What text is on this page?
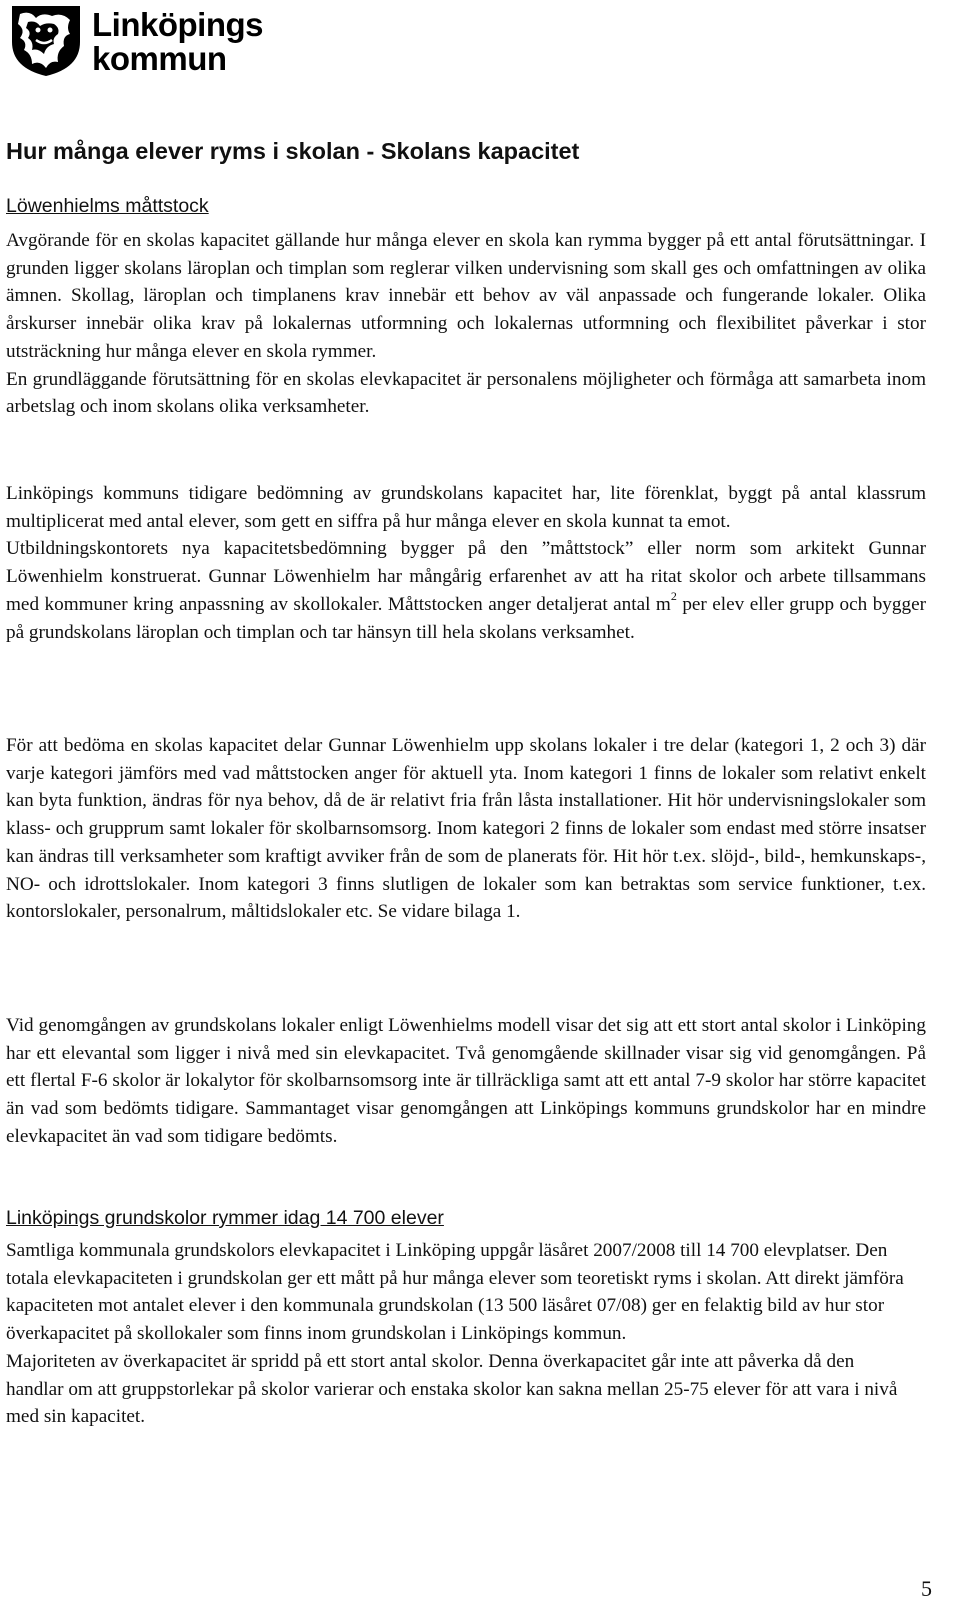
Linköpings
kommun
Hur många elever ryms i skolan - Skolans kapacitet

Löwenhielms måttstock

Avgörande för en skolas kapacitet gällande hur många elever en skola kan rymma bygger på ett antal förutsättningar. I grunden ligger skolans läroplan och timplan som reglerar vilken undervisning som skall ges och omfattningen av olika ämnen. Skollag, läroplan och timplanens krav innebär ett behov av väl anpassade och fungerande lokaler. Olika årskurser innebär olika krav på lokalernas utformning och lokalernas utformning och flexibilitet påverkar i stor utsträckning hur många elever en skola rymmer.
En grundläggande förutsättning för en skolas elevkapacitet är personalens möjligheter och förmåga att samarbeta inom arbetslag och inom skolans olika verksamheter.
Linköpings kommuns tidigare bedömning av grundskolans kapacitet har, lite förenklat, byggt på antal klassrum multiplicerat med antal elever, som gett en siffra på hur många elever en skola kunnat ta emot.
Utbildningskontorets nya kapacitetsbedömning bygger på den ”måttstock” eller norm som arkitekt Gunnar Löwenhielm konstruerat. Gunnar Löwenhielm har mångårig erfarenhet av att ha ritat skolor och arbete tillsammans med kommuner kring anpassning av skollokaler. Måttstocken anger detaljerat antal $m^2$ per elev eller grupp och bygger på grundskolans läroplan och timplan och tar hänsyn till hela skolans verksamhet.
För att bedöma en skolas kapacitet delar Gunnar Löwenhielm upp skolans lokaler i tre delar (kategori 1, 2 och 3) där varje kategori jämförs med vad måttstocken anger för aktuell yta. Inom kategori 1 finns de lokaler som relativt enkelt kan byta funktion, ändras för nya behov, då de är relativt fria från låsta installationer. Hit hör undervisningslokaler som klass- och grupprum samt lokaler för skolbarnsomsorg. Inom kategori 2 finns de lokaler som endast med större insatser kan ändras till verksamheter som kraftigt avviker från de som de planerats för. Hit hör t.ex. slöjd-, bild-, hemkunskaps-, NO- och idrottslokaler. Inom kategori 3 finns slutligen de lokaler som kan betraktas som service funktioner, t.ex. kontorslokaler, personalrum, måltidslokaler etc. Se vidare bilaga 1.
Vid genomgången av grundskolans lokaler enligt Löwenhielms modell visar det sig att ett stort antal skolor i Linköping har ett elevantal som ligger i nivå med sin elevkapacitet. Två genomgående skillnader visar sig vid genomgången. På ett flertal F-6 skolor är lokalytor för skolbarnsomsorg inte är tillräckliga samt att ett antal 7-9 skolor har större kapacitet än vad som bedömts tidigare. Sammantaget visar genomgången att Linköpings kommuns grundskolor har en mindre elevkapacitet än vad som tidigare bedömts.

Linköpings grundskolor rymmer idag 14 700 elever

Samtliga kommunala grundskolors elevkapacitet i Linköping uppgår läsåret 2007/2008 till 14 700 elevplatser. Den totala elevkapaciteten i grundskolan ger ett mått på hur många elever som teoretiskt ryms i skolan. Att direkt jämföra kapaciteten mot antalet elever i den kommunala grundskolan (13 500 läsåret 07/08) ger en felaktig bild av hur stor överkapacitet på skollokaler som finns inom grundskolan i Linköpings kommun.
Majoriteten av överkapacitet är spridd på ett stort antal skolor. Denna överkapacitet går inte att påverka då den handlar om att gruppstorlekar på skolor varierar och enstaka skolor kan sakna mellan 25-75 elever för att vara i nivå med sin kapacitet.
5
